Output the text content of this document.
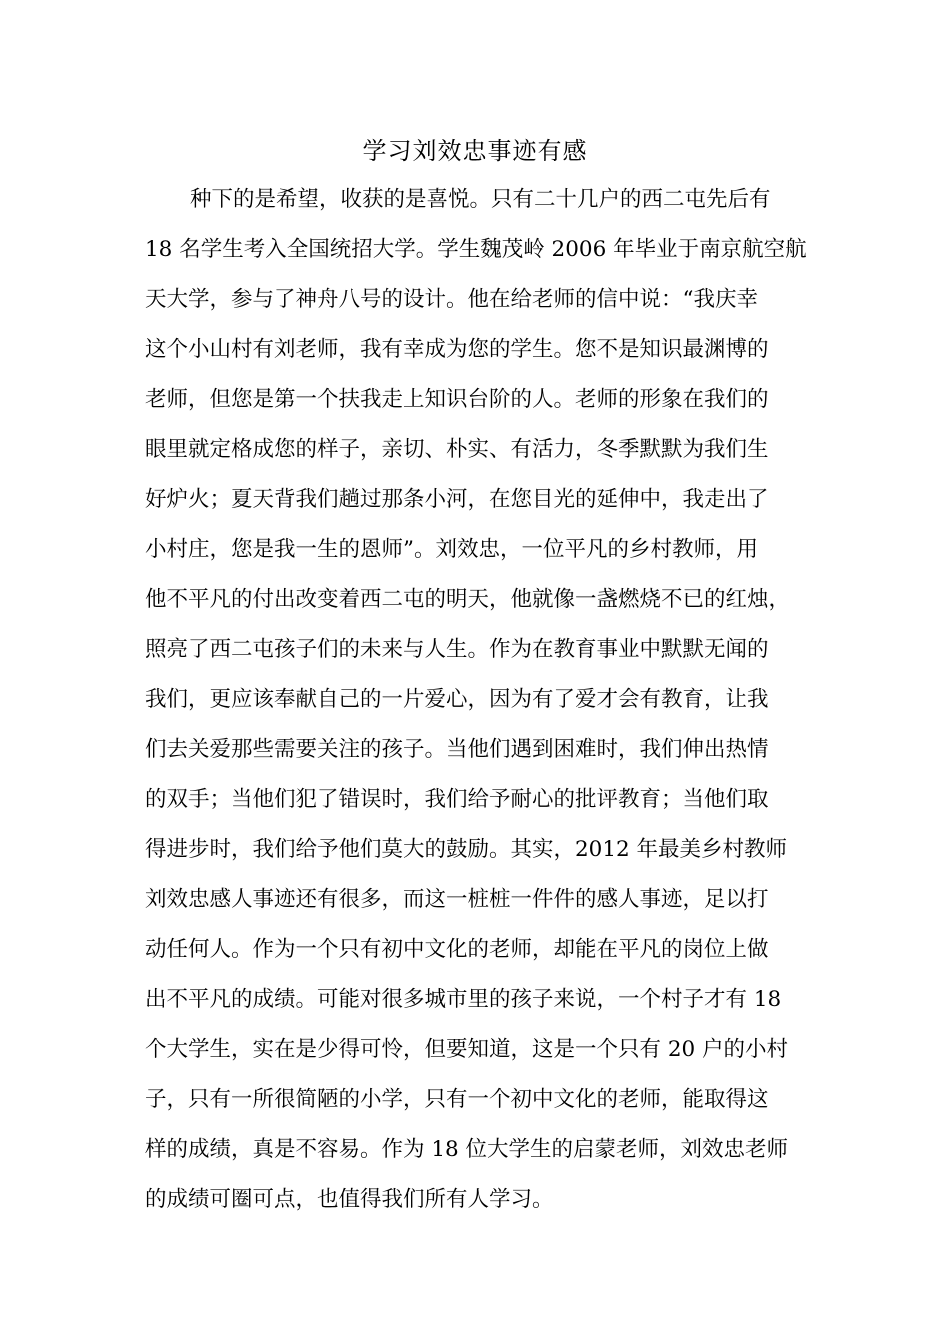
学习刘效忠事迹有感
种下的是希望，收获的是喜悦。只有二十几户的西二屯先后有
18 名学生考入全国统招大学。学生魏茂岭 2006 年毕业于南京航空航
天大学，参与了神舟八号的设计。他在给老师的信中说：“我庆幸
这个小山村有刘老师，我有幸成为您的学生。您不是知识最渊博的
老师，但您是第一个扶我走上知识台阶的人。老师的形象在我们的
眼里就定格成您的样子，亲切、朴实、有活力，冬季默默为我们生
好炉火；夏天背我们趟过那条小河，在您目光的延伸中，我走出了
小村庄，您是我一生的恩师”。刘效忠，一位平凡的乡村教师，用
他不平凡的付出改变着西二屯的明天，他就像一盏燃烧不已的红烛，
照亮了西二屯孩子们的未来与人生。作为在教育事业中默默无闻的
我们，更应该奉献自己的一片爱心，因为有了爱才会有教育，让我
们去关爱那些需要关注的孩子。当他们遇到困难时，我们伸出热情
的双手；当他们犯了错误时，我们给予耐心的批评教育；当他们取
得进步时，我们给予他们莫大的鼓励。其实，2012 年最美乡村教师
刘效忠感人事迹还有很多，而这一桩桩一件件的感人事迹，足以打
动任何人。作为一个只有初中文化的老师，却能在平凡的岗位上做
出不平凡的成绩。可能对很多城市里的孩子来说，一个村子才有 18
个大学生，实在是少得可怜，但要知道，这是一个只有 20 户的小村
子，只有一所很简陋的小学，只有一个初中文化的老师，能取得这
样的成绩，真是不容易。作为 18 位大学生的启蒙老师，刘效忠老师
的成绩可圈可点，也值得我们所有人学习。
